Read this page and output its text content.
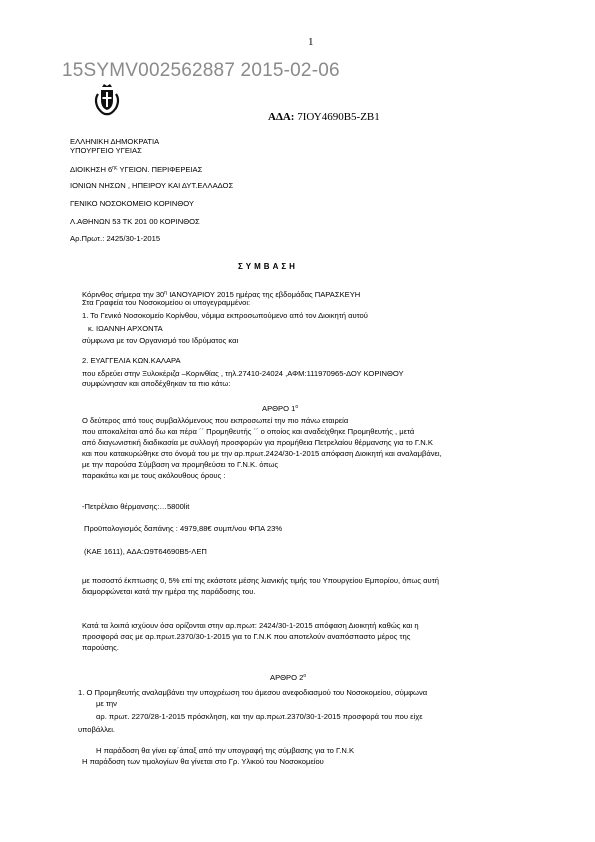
1
15SYMV002562887 2015-02-06
ΑΔΑ: 7ΙΟΥ4690Β5-ΖΒ1
ΕΛΛΗΝΙΚΗ ΔΗΜΟΚΡΑΤΙΑ
ΥΠΟΥΡΓΕΙΟ ΥΓΕΙΑΣ
ΔΙΟΙΚΗΣΗ $6^{\eta\varsigma}$ ΥΓΕΙΟΝ. ΠΕΡΙΦΕΡΕΙΑΣ
ΙΟΝΙΩΝ ΝΗΣΩΝ , ΗΠΕΙΡΟΥ ΚΑΙ ΔΥΤ.ΕΛΛΑΔΟΣ
ΓΕΝΙΚΟ ΝΟΣΟΚΟΜΕΙΟ ΚΟΡΙΝΘΟΥ
Λ.ΑΘΗΝΩΝ 53 ΤΚ 201 00 ΚΟΡΙΝΘΟΣ
Αρ.Πρωτ.: 2425/30-1-2015
ΣΥΜΒΑΣΗ
Κόρινθος σήμερα την $30^\eta$ ΙΑΝΟΥΑΡΙΟΥ 2015 ημέρας της εβδομάδας ΠΑΡΑΣΚΕΥΗ
Στα Γραφεία του Νοσοκομείου οι υπογεγραμμένοι:
1. Το Γενικό Νοσοκομείο Κορίνθου, νόμιμα εκπροσωπούμενο από τον Διοικητή αυτού
κ. ΙΩΑΝΝΗ ΑΡΧΟΝΤΑ
σύμφωνα με τον Οργανισμό του Ιδρύματος και
2. ΕΥΑΓΓΕΛΙΑ ΚΩΝ.ΚΑΛΑΡΑ
που εδρεύει στην Ξυλοκέριζα –Κορινθίας , τηλ.27410-24024 ,ΑΦΜ:111970965-ΔΟΥ ΚΟΡΙΝΘΟΥ
συμφώνησαν και αποδέχθηκαν τα πιο κάτω:
ΑΡΘΡΟ $1^o$
Ο δεύτερος από τους συμβαλλόμενους που εκπροσωπεί την πιο πάνω εταιρεία
που αποκαλείται από δω και πέρα ´´ Προμηθευτής ´´ ο οποίος και αναδείχθηκε Προμηθευτής , μετά
από διαγωνιστική διαδικασία με συλλογή προσφορών για προμήθεια Πετρελαίου θέρμανσης για το Γ.Ν.Κ
και που κατακυρώθηκε στο όνομά του με την αρ.πρωτ.2424/30-1-2015 απόφαση Διοικητή και αναλαμβάνει,
με την παρούσα Σύμβαση να προμηθεύσει το Γ.Ν.Κ. όπως
παρακάτω και με τους ακόλουθους όρους :
-Πετρέλαιο θέρμανσης:…5800lit
Προϋπολογισμός δαπάνης : 4979,88€ συμπ/νου ΦΠΑ 23%
(ΚΑΕ 1611), ΑΔΑ:Ω9Τ64690Β5-ΛΕΠ
με ποσοστό έκπτωσης 0, 5% επί της εκάστοτε μέσης λιανικής τιμής του Υπουργείου Εμπορίου, όπως αυτή
διαμορφώνεται κατά την ημέρα της παράδοσης του.
Κατά τα λοιπά ισχύουν όσα ορίζονται στην αρ.πρωτ: 2424/30-1-2015 απόφαση Διοικητή καθώς και η
προσφορά σας με αρ.πρωτ.2370/30-1-2015 για το Γ.Ν.Κ που αποτελούν αναπόσπαστο μέρος της
παρούσης.
ΑΡΘΡΟ $2^o$
1. Ο Προμηθευτής αναλαμβάνει την υποχρέωση του άμεσου ανεφοδιασμού του Νοσοκομείου, σύμφωνα
με την
αρ. πρωτ. 2270/28-1-2015 πρόσκληση, και την αρ.πρωτ.2370/30-1-2015 προσφορά του που είχε
υποβάλλει.
Η παράδοση θα γίνει εφ΄άπαξ από την υπογραφή της σύμβασης για το Γ.Ν.Κ
Η παράδοση των τιμολογίων θα γίνεται στο Γρ. Υλικού του Νοσοκομείου
